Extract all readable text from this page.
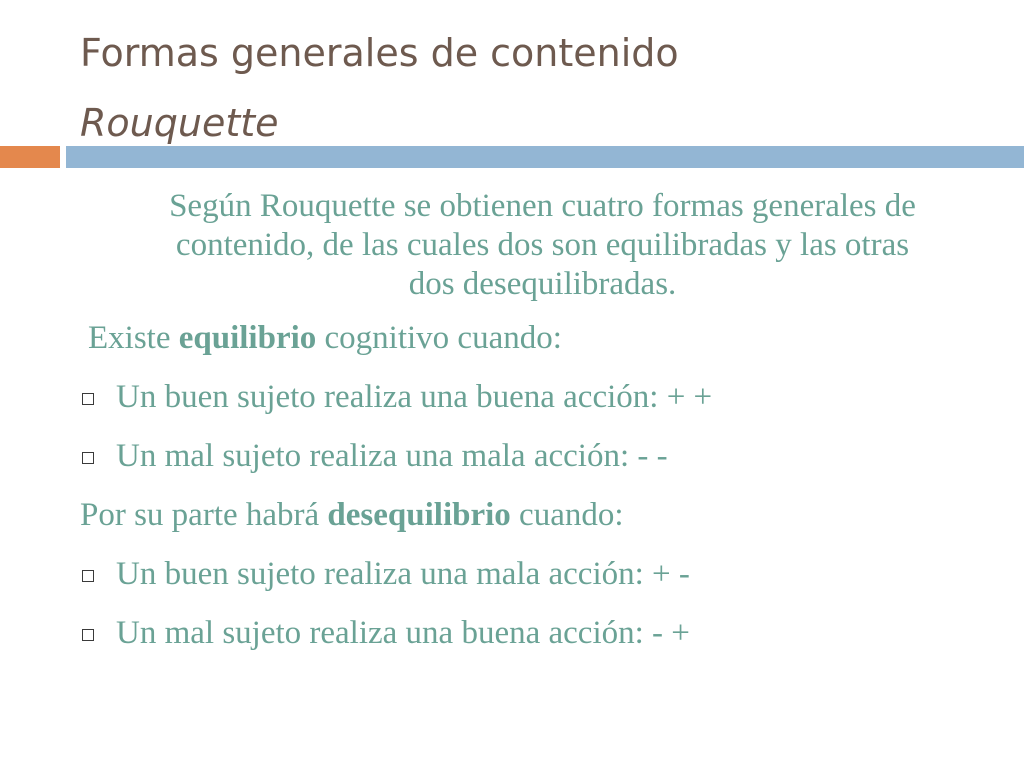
Formas generales de contenido
Rouquette

Según Rouquette se obtienen cuatro formas generales de contenido, de las cuales dos son equilibradas y las otras dos desequilibradas.

Existe equilibrio cognitivo cuando:

Un buen sujeto realiza una buena acción: + +

Un mal sujeto realiza una mala acción: - -

Por su parte habrá desequilibrio cuando:

Un buen sujeto realiza una mala acción: + -

Un mal sujeto realiza una buena acción: - +
